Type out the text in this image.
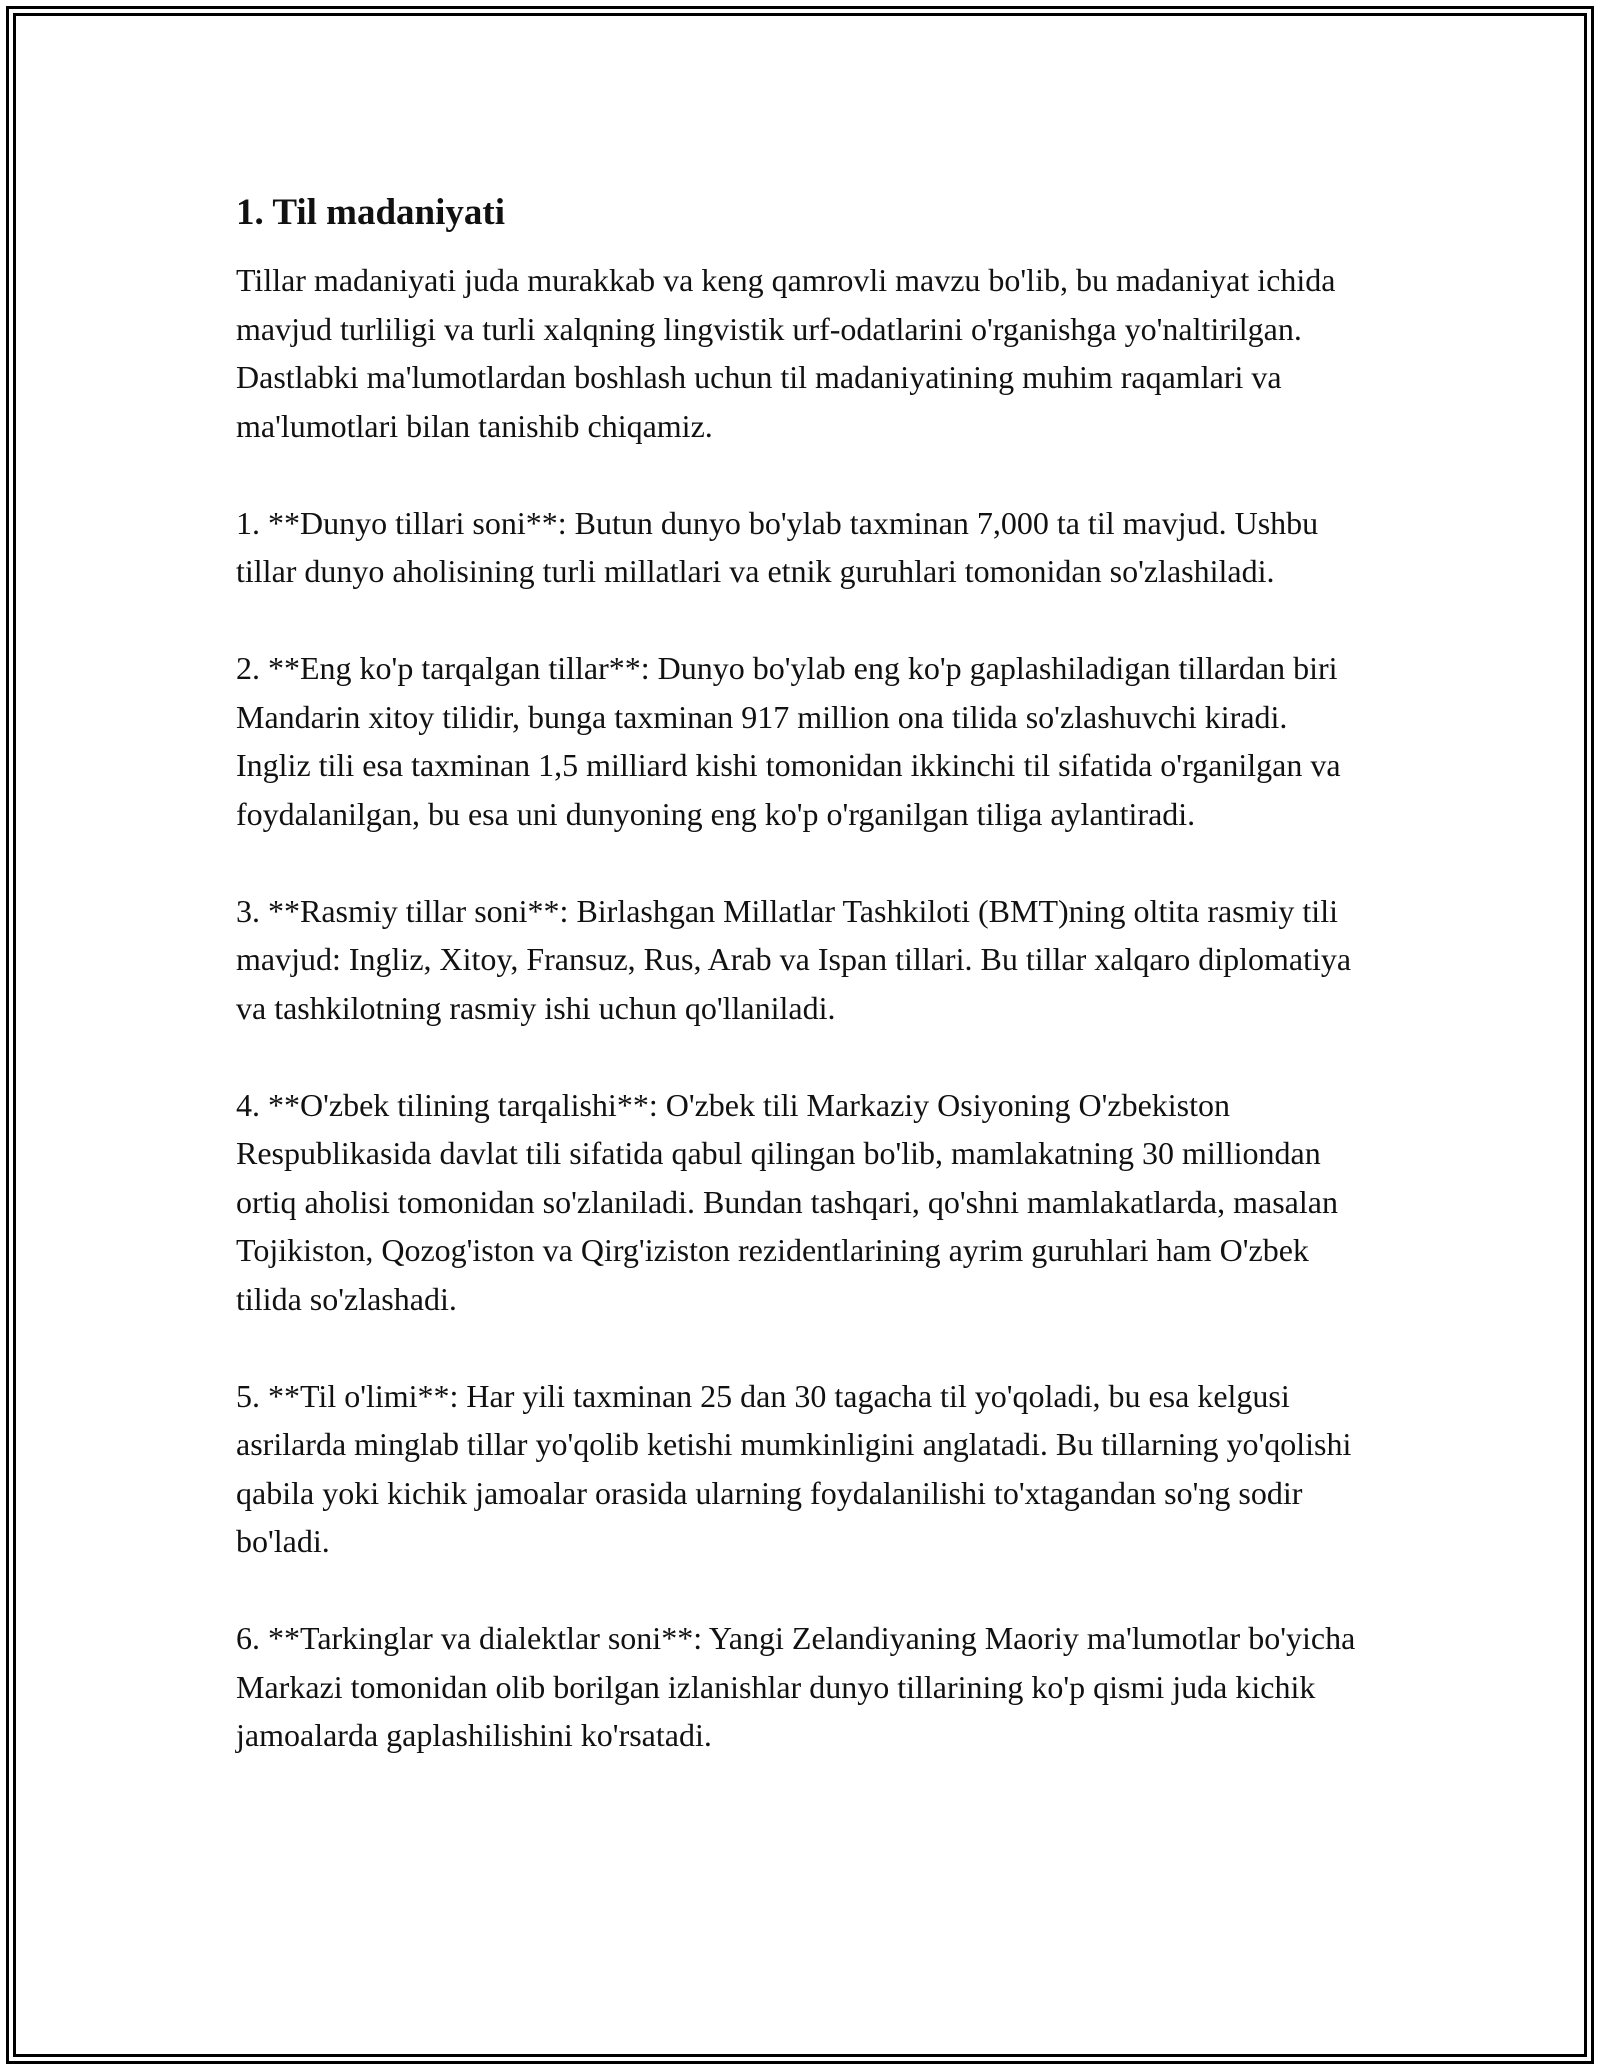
1. Til madaniyati

Tillar madaniyati juda murakkab va keng qamrovli mavzu bo'lib, bu madaniyat ichida mavjud turliligi va turli xalqning lingvistik urf-odatlarini o'rganishga yo'naltirilgan. Dastlabki ma'lumotlardan boshlash uchun til madaniyatining muhim raqamlari va ma'lumotlari bilan tanishib chiqamiz.

1. **Dunyo tillari soni**: Butun dunyo bo'ylab taxminan 7,000 ta til mavjud. Ushbu tillar dunyo aholisining turli millatlari va etnik guruhlari tomonidan so'zlashiladi.

2. **Eng ko'p tarqalgan tillar**: Dunyo bo'ylab eng ko'p gaplashiladigan tillardan biri Mandarin xitoy tilidir, bunga taxminan 917 million ona tilida so'zlashuvchi kiradi. Ingliz tili esa taxminan 1,5 milliard kishi tomonidan ikkinchi til sifatida o'rganilgan va foydalanilgan, bu esa uni dunyoning eng ko'p o'rganilgan tiliga aylantiradi.

3. **Rasmiy tillar soni**: Birlashgan Millatlar Tashkiloti (BMT)ning oltita rasmiy tili mavjud: Ingliz, Xitoy, Fransuz, Rus, Arab va Ispan tillari. Bu tillar xalqaro diplomatiya va tashkilotning rasmiy ishi uchun qo'llaniladi.

4. **O'zbek tilining tarqalishi**: O'zbek tili Markaziy Osiyoning O'zbekiston Respublikasida davlat tili sifatida qabul qilingan bo'lib, mamlakatning 30 milliondan ortiq aholisi tomonidan so'zlaniladi. Bundan tashqari, qo'shni mamlakatlarda, masalan Tojikiston, Qozog'iston va Qirg'iziston rezidentlarining ayrim guruhlari ham O'zbek tilida so'zlashadi.

5. **Til o'limi**: Har yili taxminan 25 dan 30 tagacha til yo'qoladi, bu esa kelgusi asrilarda minglab tillar yo'qolib ketishi mumkinligini anglatadi. Bu tillarning yo'qolishi qabila yoki kichik jamoalar orasida ularning foydalanilishi to'xtagandan so'ng sodir bo'ladi.

6. **Tarkinglar va dialektlar soni**: Yangi Zelandiyaning Maoriy ma'lumotlar bo'yicha Markazi tomonidan olib borilgan izlanishlar dunyo tillarining ko'p qismi juda kichik jamoalarda gaplashilishini ko'rsatadi.
